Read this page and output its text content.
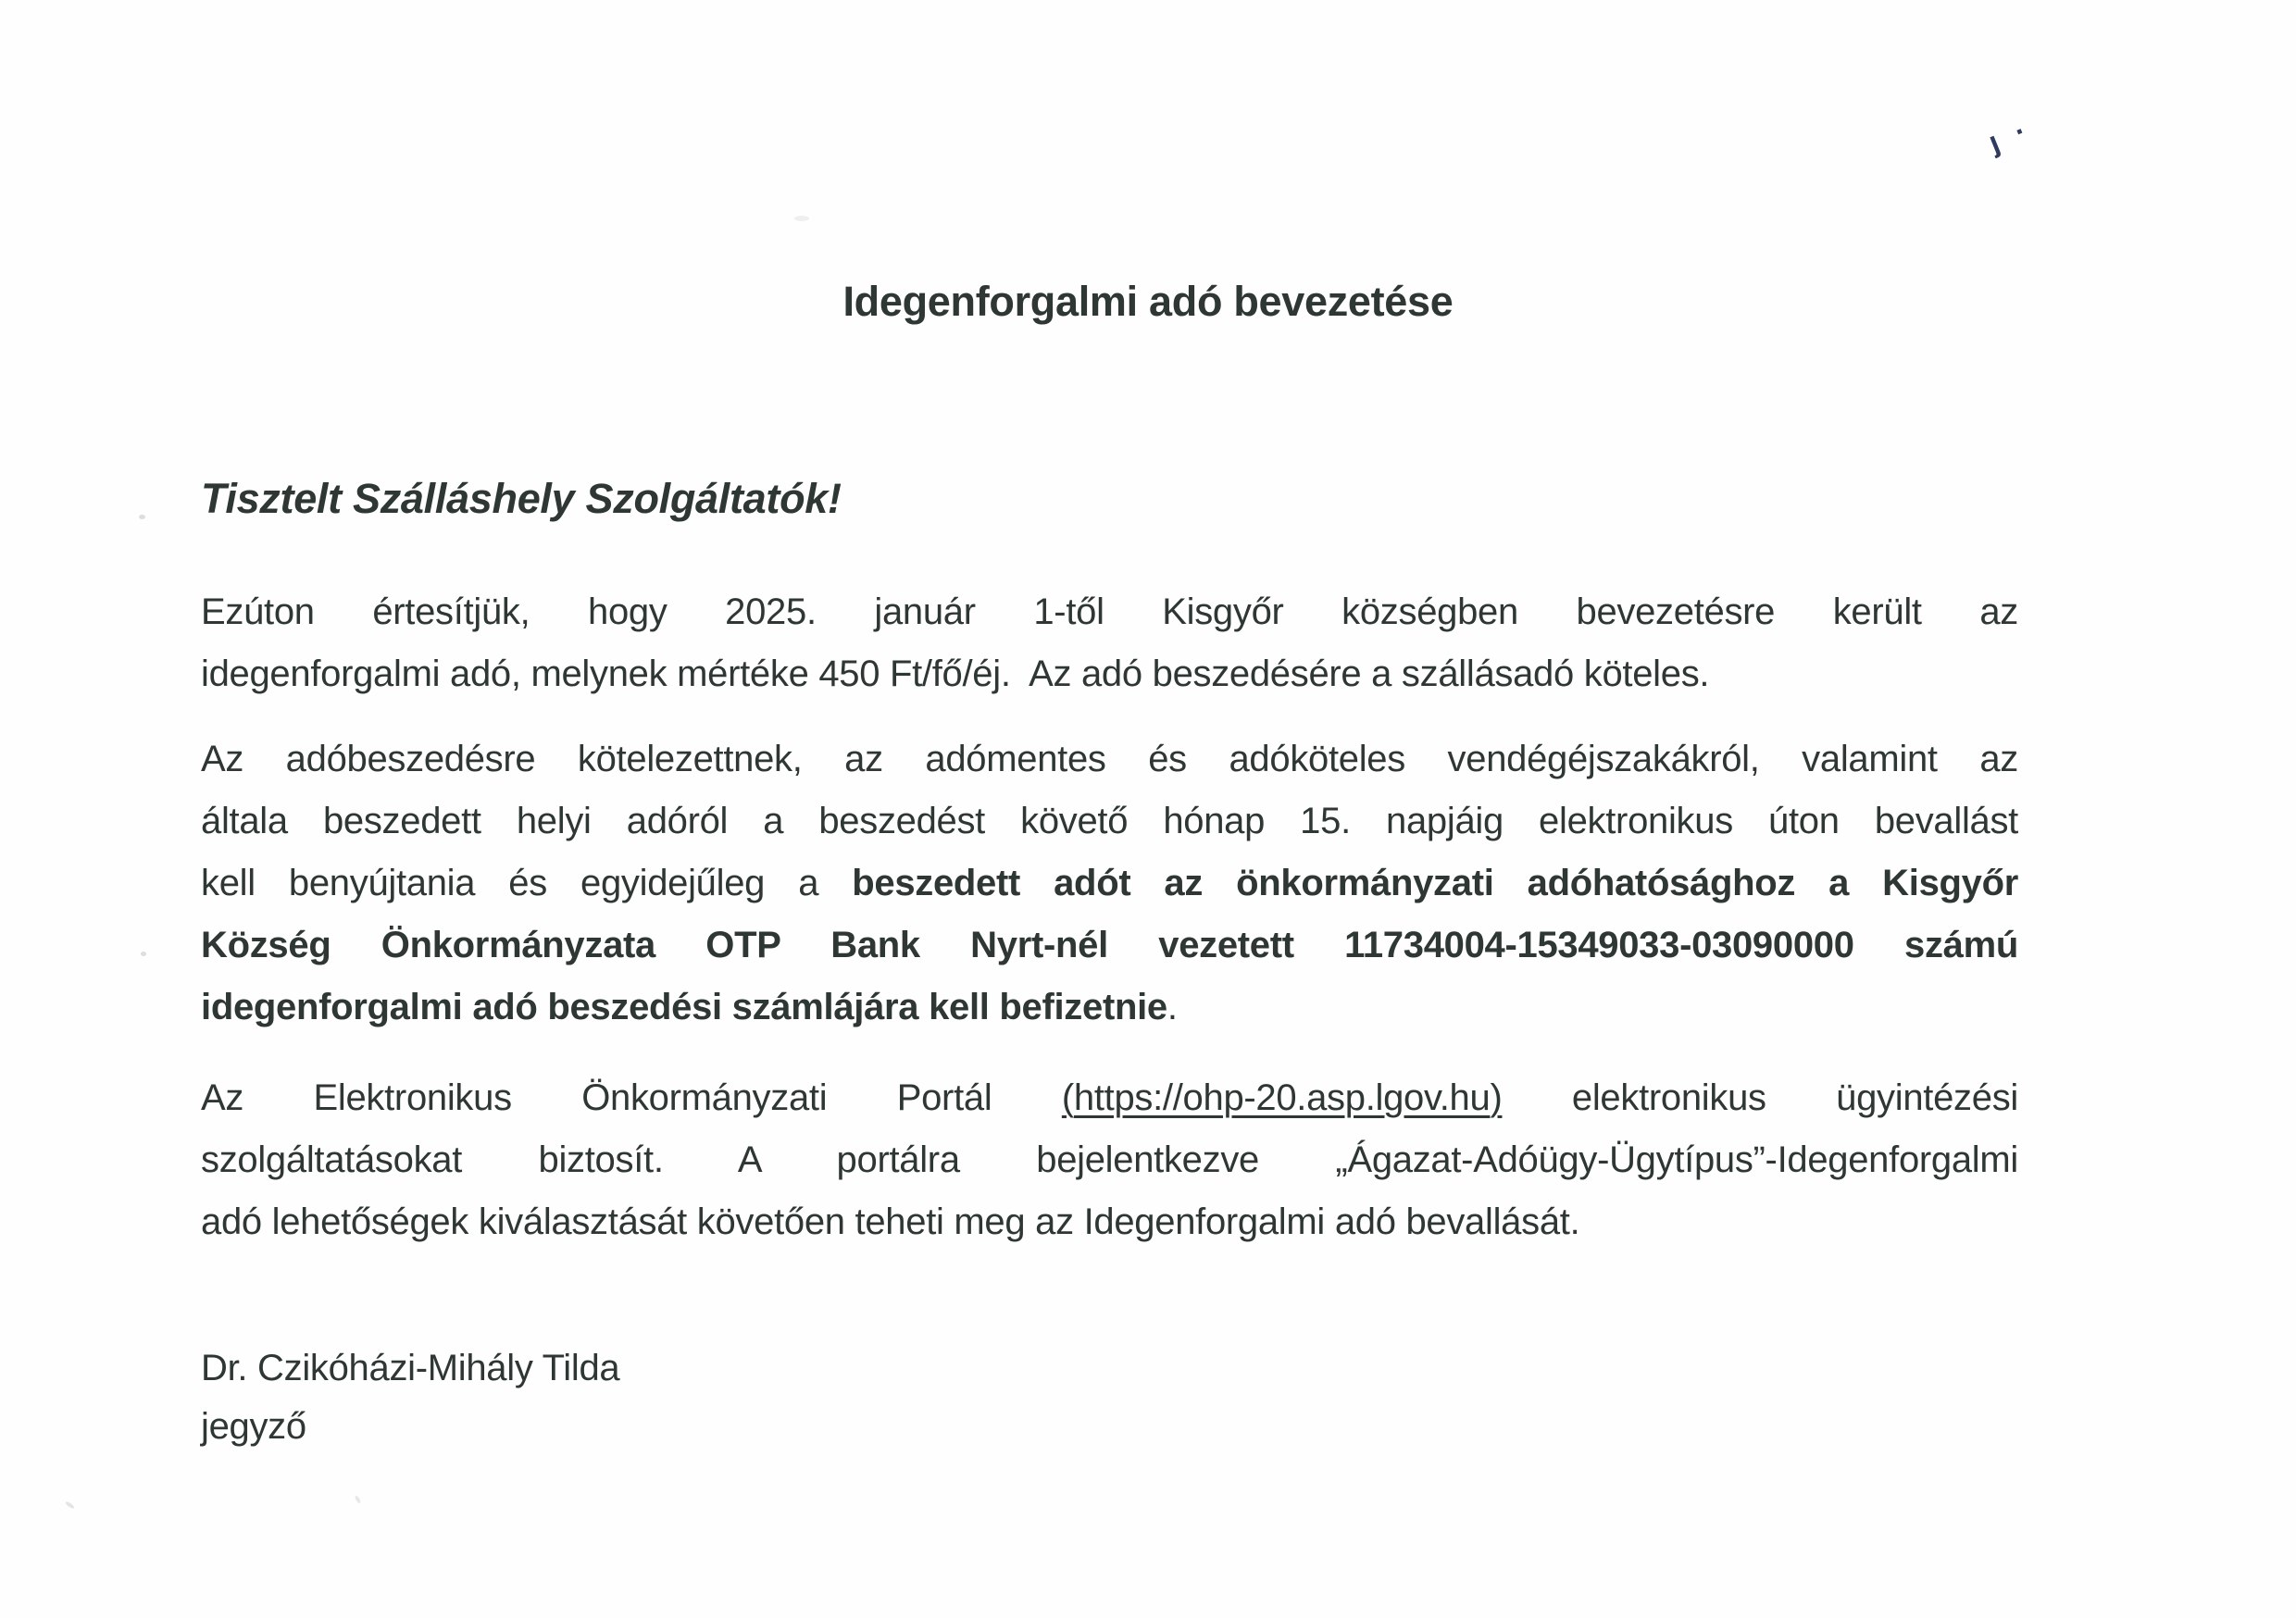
ȷ ·
Idegenforgalmi adó bevezetése

Tisztelt Szálláshely Szolgáltatók!

Ezúton értesítjük, hogy 2025. január 1-től Kisgyőr községben bevezetésre került az
idegenforgalmi adó, melynek mértéke 450 Ft/fő/éj.  Az adó beszedésére a szállásadó köteles.
Az adóbeszedésre kötelezettnek, az adómentes és adóköteles vendégéjszakákról, valamint az
általa beszedett helyi adóról a beszedést követő hónap 15. napjáig elektronikus úton bevallást
kell benyújtania és egyidejűleg a beszedett adót az önkormányzati adóhatósághoz a Kisgyőr
Község Önkormányzata OTP Bank Nyrt-nél vezetett 11734004-15349033-03090000 számú
idegenforgalmi adó beszedési számlájára kell befizetnie.
Az Elektronikus Önkormányzati Portál (https://ohp-20.asp.lgov.hu) elektronikus ügyintézési
szolgáltatásokat biztosít. A portálra bejelentkezve „Ágazat-Adóügy-Ügytípus”-Idegenforgalmi
adó lehetőségek kiválasztását követően teheti meg az Idegenforgalmi adó bevallását.
Dr. Czikóházi-Mihály Tilda
jegyző
